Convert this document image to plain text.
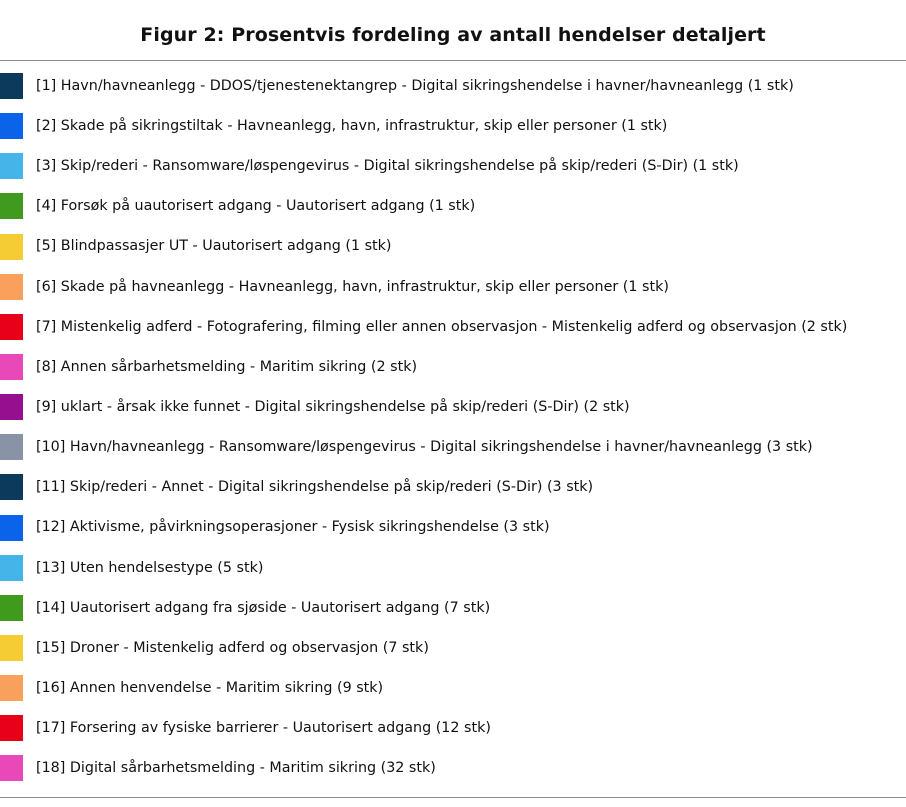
Figur 2: Prosentvis fordeling av antall hendelser detaljert
[1] Havn/havneanlegg - DDOS/tjenestenektangrep - Digital sikringshendelse i havner/havneanlegg (1 stk)
[2] Skade på sikringstiltak - Havneanlegg, havn, infrastruktur, skip eller personer (1 stk)
[3] Skip/rederi - Ransomware/løspengevirus - Digital sikringshendelse på skip/rederi (S-Dir) (1 stk)
[4] Forsøk på uautorisert adgang - Uautorisert adgang (1 stk)
[5] Blindpassasjer UT - Uautorisert adgang (1 stk)
[6] Skade på havneanlegg - Havneanlegg, havn, infrastruktur, skip eller personer (1 stk)
[7] Mistenkelig adferd - Fotografering, filming eller annen observasjon - Mistenkelig adferd og observasjon (2 stk)
[8] Annen sårbarhetsmelding - Maritim sikring (2 stk)
[9] uklart - årsak ikke funnet - Digital sikringshendelse på skip/rederi (S-Dir) (2 stk)
[10] Havn/havneanlegg - Ransomware/løspengevirus - Digital sikringshendelse i havner/havneanlegg (3 stk)
[11] Skip/rederi - Annet - Digital sikringshendelse på skip/rederi (S-Dir) (3 stk)
[12] Aktivisme, påvirkningsoperasjoner - Fysisk sikringshendelse (3 stk)
[13] Uten hendelsestype (5 stk)
[14] Uautorisert adgang fra sjøside - Uautorisert adgang (7 stk)
[15] Droner - Mistenkelig adferd og observasjon (7 stk)
[16] Annen henvendelse - Maritim sikring (9 stk)
[17] Forsering av fysiske barrierer - Uautorisert adgang (12 stk)
[18] Digital sårbarhetsmelding - Maritim sikring (32 stk)
